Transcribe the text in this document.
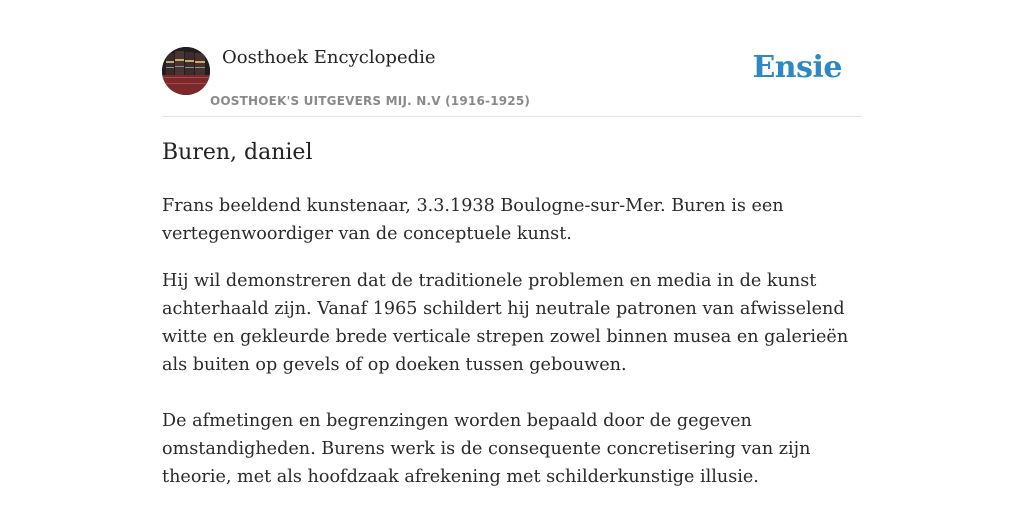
Oosthoek Encyclopedie
OOSTHOEK'S UITGEVERS MIJ. N.V (1916-1925)
Ensie
Buren, daniel

Frans beeldend kunstenaar, 3.3.1938 Boulogne-sur-Mer. Buren is een vertegenwoordiger van de conceptuele kunst.

Hij wil demonstreren dat de traditionele problemen en media in de kunst achterhaald zijn. Vanaf 1965 schildert hij neutrale patronen van afwisselend witte en gekleurde brede verticale strepen zowel binnen musea en galerieën als buiten op gevels of op doeken tussen gebouwen.

De afmetingen en begrenzingen worden bepaald door de gegeven omstandigheden. Burens werk is de consequente concretisering van zijn theorie, met als hoofdzaak afrekening met schilderkunstige illusie.
